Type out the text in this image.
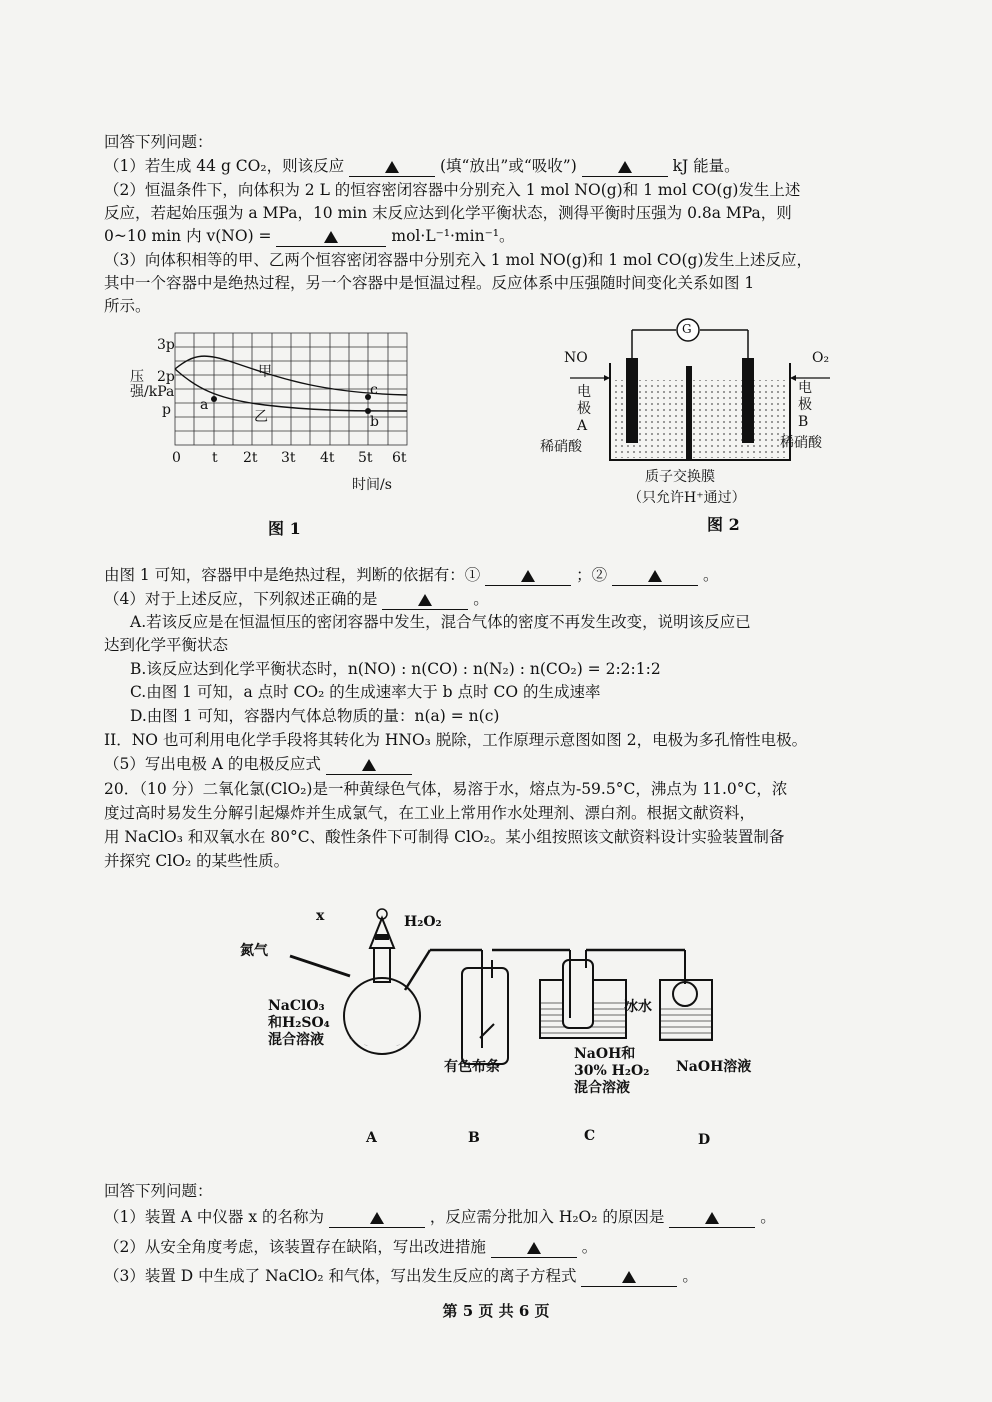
回答下列问题：
（1）若生成 44 g CO₂，则该反应	(填“放出”或“吸收”)	kJ 能量。
（2）恒温条件下，向体积为 2 L 的恒容密闭容器中分别充入 1 mol NO(g)和 1 mol CO(g)发生上述
反应，若起始压强为 a MPa，10 min 末反应达到化学平衡状态，测得平衡时压强为 0.8a MPa，则
0~10 min 内 v(NO) =	mol·L⁻¹·min⁻¹。
（3）向体积相等的甲、乙两个恒容密闭容器中分别充入 1 mol NO(g)和 1 mol CO(g)发生上述反应，
其中一个容器中是绝热过程，另一个容器中是恒温过程。反应体系中压强随时间变化关系如图 1
所示。
3p
2p
p
压强/kPa
甲
乙
a
c
b
0 t 2t 3t 4t 5t 6t
时间/s
图 1
G
NO	O₂
电
极
A
电
极
B
稀硝酸	稀硝酸
质子交换膜
（只允许H⁺通过）
图 2
由图 1 可知，容器甲中是绝热过程，判断的依据有：①	；②	。
（4）对于上述反应，下列叙述正确的是	。
A.若该反应是在恒温恒压的密闭容器中发生，混合气体的密度不再发生改变，说明该反应已
达到化学平衡状态
B.该反应达到化学平衡状态时，n(NO) : n(CO) : n(N₂) : n(CO₂) = 2:2:1:2
C.由图 1 可知，a 点时 CO₂ 的生成速率大于 b 点时 CO 的生成速率
D.由图 1 可知，容器内气体总物质的量：n(a) = n(c)
II．NO 也可利用电化学手段将其转化为 HNO₃ 脱除，工作原理示意图如图 2，电极为多孔惰性电极。
（5）写出电极 A 的电极反应式
20．（10 分）二氧化氯(ClO₂)是一种黄绿色气体，易溶于水，熔点为-59.5°C，沸点为 11.0°C，浓
度过高时易发生分解引起爆炸并生成氯气，在工业上常用作水处理剂、漂白剂。根据文献资料，
用 NaClO₃ 和双氧水在 80°C、酸性条件下可制得 ClO₂。某小组按照该文献资料设计实验装置制备
并探究 ClO₂ 的某些性质。
x	H₂O₂
氮气
NaClO₃
和H₂SO₄
混合溶液
有色布条
冰水
NaOH和
30% H₂O₂
混合溶液
NaOH溶液
A	B	C	D
回答下列问题：
（1）装置 A 中仪器 x 的名称为	，反应需分批加入 H₂O₂ 的原因是	。
（2）从安全角度考虑，该装置存在缺陷，写出改进措施	。
（3）装置 D 中生成了 NaClO₂ 和气体，写出发生反应的离子方程式	。
第 5 页 共 6 页
